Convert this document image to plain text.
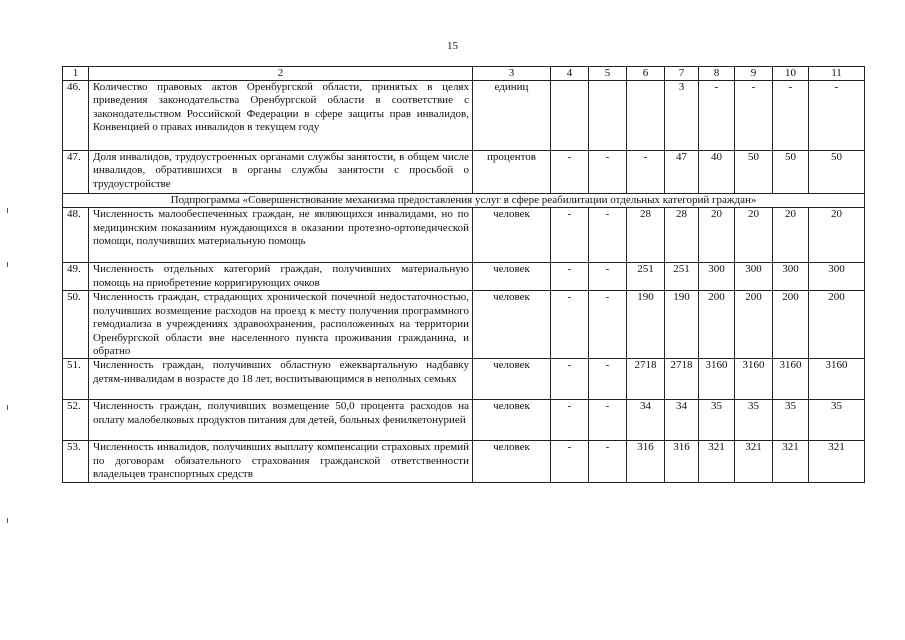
15
1	2	3	4	5	6	7	8	9	10	11
46.	Количество правовых актов Оренбургской области, принятых в целях приведения законодательства Оренбургской области в соответствие с законодательством Российской Федерации в сфере защиты прав инвалидов, Конвенцией о правах инвалидов в текущем году	единиц				3	-	-	-	-
47.	Доля инвалидов, трудоустроенных органами службы занятости, в общем числе инвалидов, обратившихся в органы службы занятости с просьбой о трудоустройстве	процентов	-	-	-	47	40	50	50	50
Подпрограмма «Совершенствование механизма предоставления услуг в сфере реабилитации отдельных категорий граждан»										
48.	Численность малообеспеченных граждан, не являющихся инвалидами, но по медицинским показаниям нуждающихся в оказании протезно-ортопедической помощи, получивших материальную помощь	человек	-	-	28	28	20	20	20	20
49.	Численность отдельных категорий граждан, получивших материальную помощь на приобретение корригирующих очков	человек	-	-	251	251	300	300	300	300
50.	Численность граждан, страдающих хронической почечной недостаточностью, получивших возмещение расходов на проезд к месту получения программного гемодиализа в учреждениях здравоохранения, расположенных на территории Оренбургской области вне населенного пункта проживания гражданина, и обратно	человек	-	-	190	190	200	200	200	200
51.	Численность граждан, получивших областную ежеквартальную надбавку детям-инвалидам в возрасте до 18 лет, воспитывающимся в неполных семьях	человек	-	-	2718	2718	3160	3160	3160	3160
52.	Численность граждан, получивших возмещение 50,0 процента расходов на оплату малобелковых продуктов питания для детей, больных фенилкетонурией	человек	-	-	34	34	35	35	35	35
53.	Численность инвалидов, получивших выплату компенсации страховых премий по договорам обязательного страхования гражданской ответственности владельцев транспортных средств	человек	-	-	316	316	321	321	321	321
